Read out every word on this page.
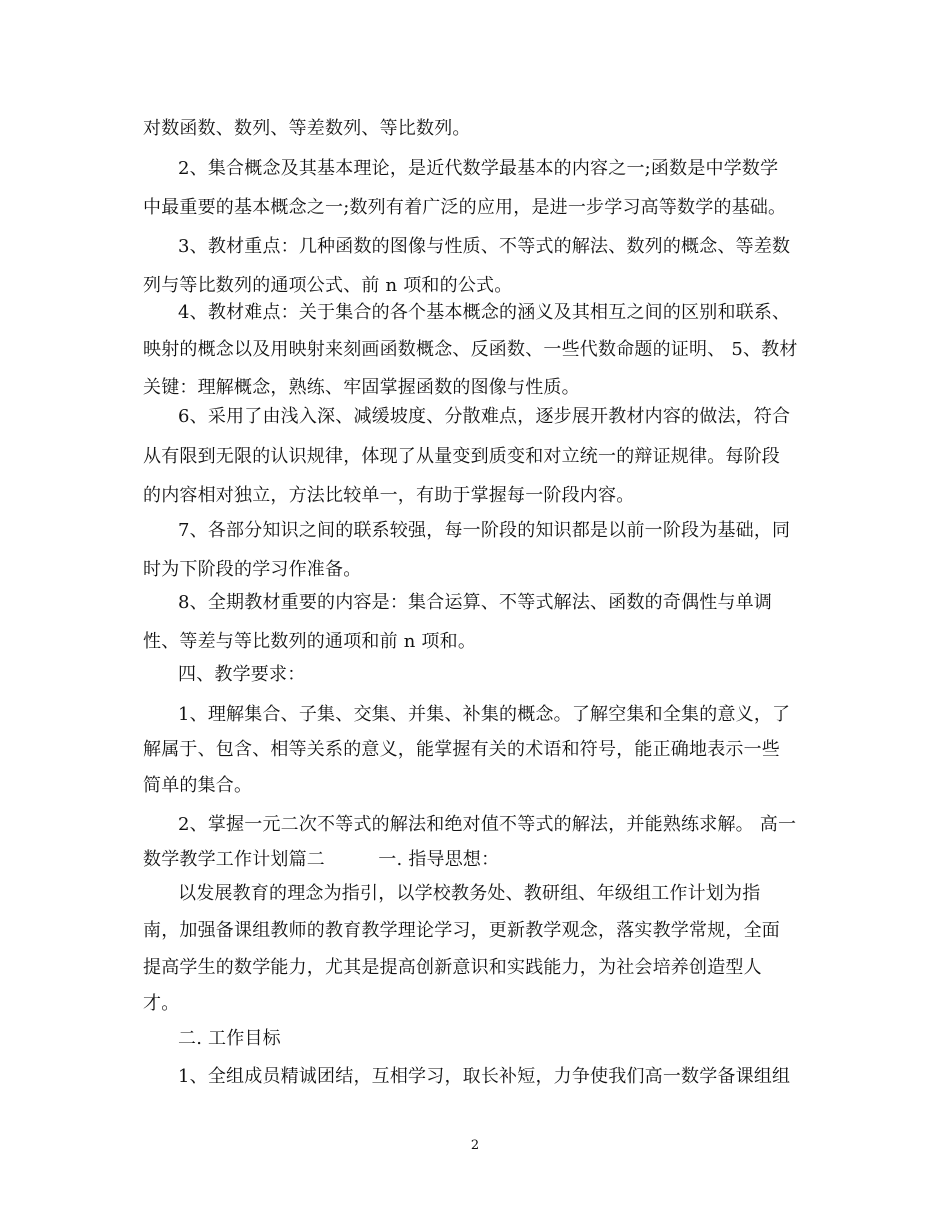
对数函数、数列、等差数列、等比数列。
2、集合概念及其基本理论，是近代数学最基本的内容之一;函数是中学数学
中最重要的基本概念之一;数列有着广泛的应用，是进一步学习高等数学的基础。
3、教材重点：几种函数的图像与性质、不等式的解法、数列的概念、等差数
列与等比数列的通项公式、前 n 项和的公式。
4、教材难点：关于集合的各个基本概念的涵义及其相互之间的区别和联系、
映射的概念以及用映射来刻画函数概念、反函数、一些代数命题的证明、 5、教材
关键：理解概念，熟练、牢固掌握函数的图像与性质。
6、采用了由浅入深、减缓坡度、分散难点，逐步展开教材内容的做法，符合
从有限到无限的认识规律，体现了从量变到质变和对立统一的辩证规律。每阶段
的内容相对独立，方法比较单一，有助于掌握每一阶段内容。
7、各部分知识之间的联系较强，每一阶段的知识都是以前一阶段为基础，同
时为下阶段的学习作准备。
8、全期教材重要的内容是：集合运算、不等式解法、函数的奇偶性与单调
性、等差与等比数列的通项和前 n 项和。
四、教学要求：
1、理解集合、子集、交集、并集、补集的概念。了解空集和全集的意义，了
解属于、包含、相等关系的意义，能掌握有关的术语和符号，能正确地表示一些
简单的集合。
2、掌握一元二次不等式的解法和绝对值不等式的解法，并能熟练求解。 高一
数学教学工作计划篇二         一. 指导思想：
以发展教育的理念为指引，以学校教务处、教研组、年级组工作计划为指
南，加强备课组教师的教育教学理论学习，更新教学观念，落实教学常规，全面
提高学生的数学能力，尤其是提高创新意识和实践能力，为社会培养创造型人
才。
二. 工作目标
1、全组成员精诚团结，互相学习，取长补短，力争使我们高一数学备课组组
2
